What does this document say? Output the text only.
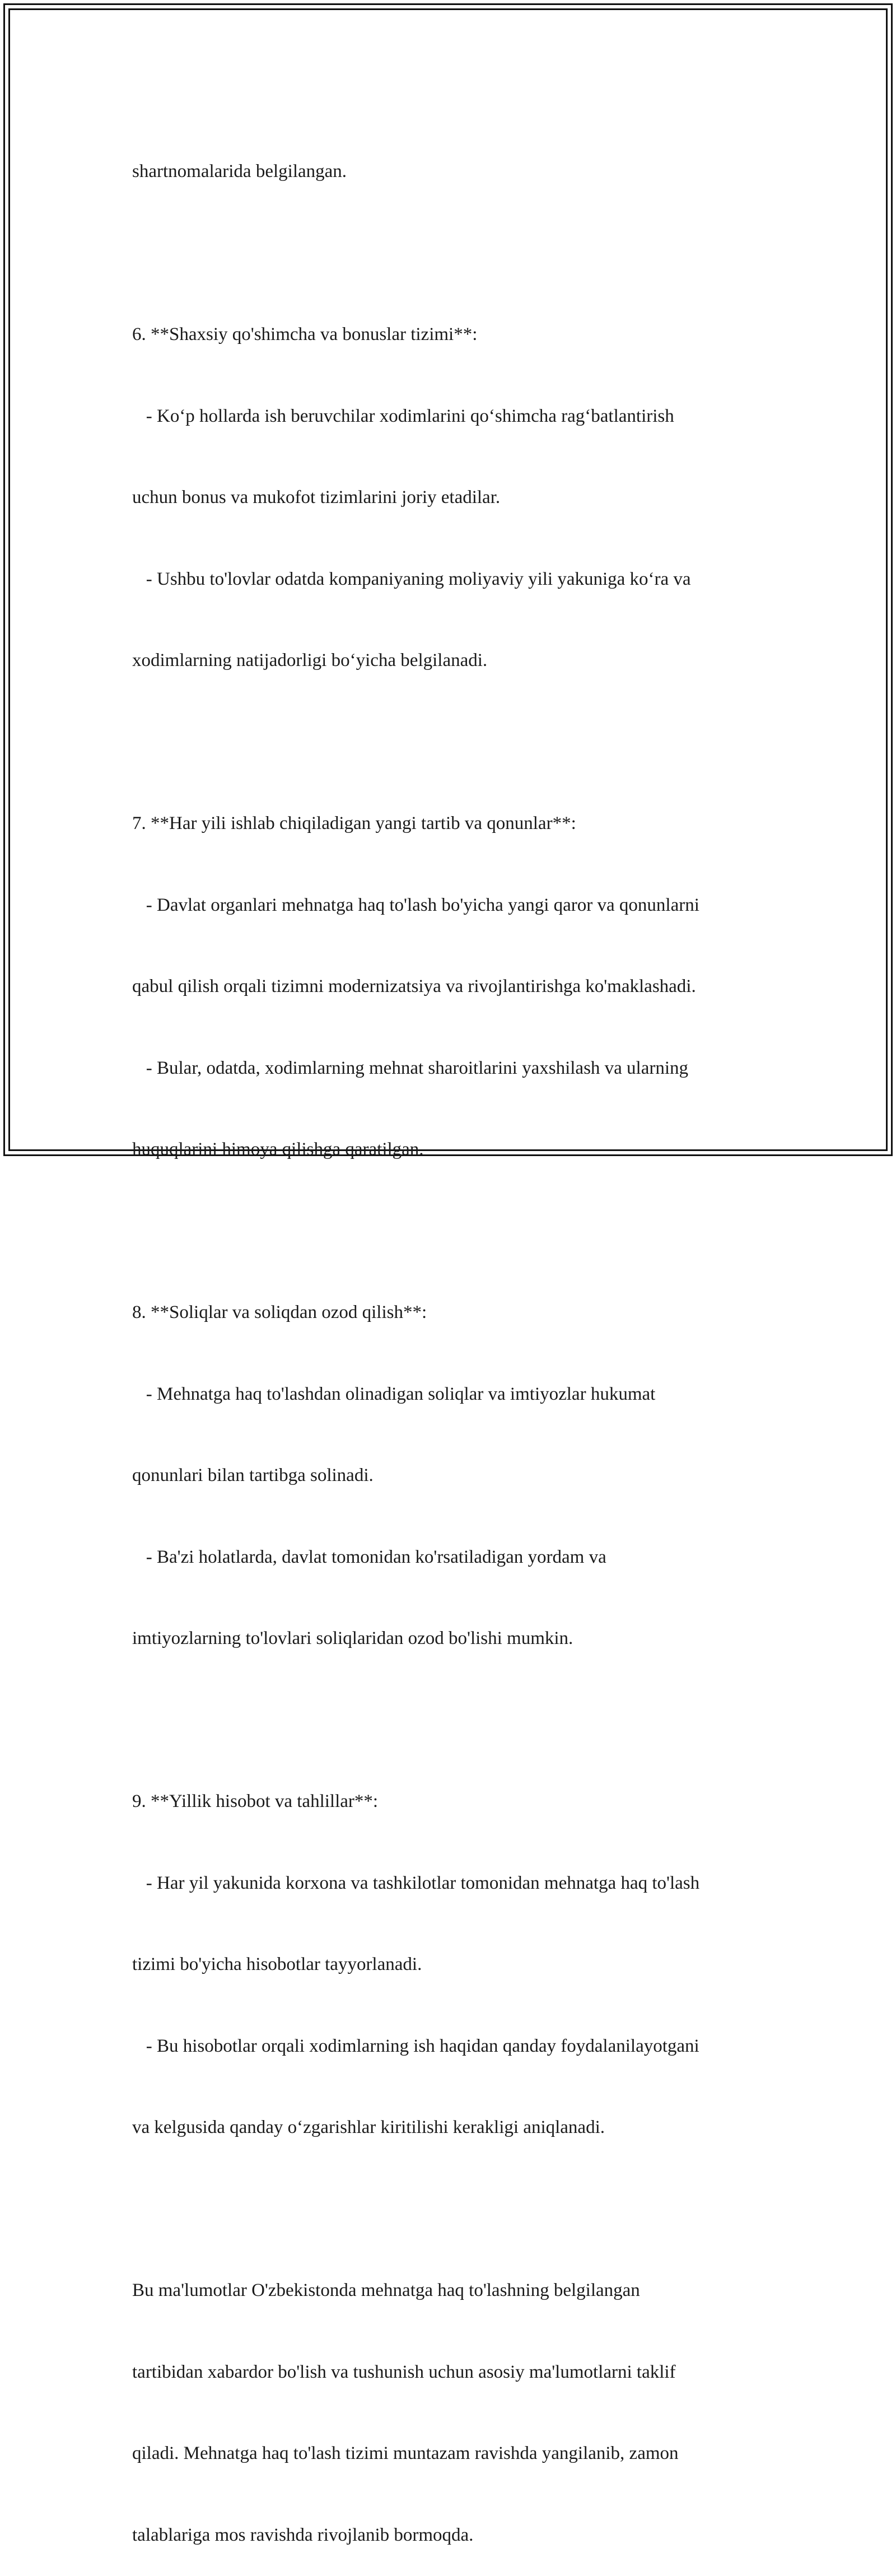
shartnomalarida belgilangan.

6. **Shaxsiy qo'shimcha va bonuslar tizimi**:

- Ko‘p hollarda ish beruvchilar xodimlarini qo‘shimcha rag‘batlantirish

uchun bonus va mukofot tizimlarini joriy etadilar.

- Ushbu to'lovlar odatda kompaniyaning moliyaviy yili yakuniga ko‘ra va

xodimlarning natijadorligi bo‘yicha belgilanadi.

7. **Har yili ishlab chiqiladigan yangi tartib va qonunlar**:

- Davlat organlari mehnatga haq to'lash bo'yicha yangi qaror va qonunlarni

qabul qilish orqali tizimni modernizatsiya va rivojlantirishga ko'maklashadi.

- Bular, odatda, xodimlarning mehnat sharoitlarini yaxshilash va ularning

huquqlarini himoya qilishga qaratilgan.

8. **Soliqlar va soliqdan ozod qilish**:

- Mehnatga haq to'lashdan olinadigan soliqlar va imtiyozlar hukumat

qonunlari bilan tartibga solinadi.

- Ba'zi holatlarda, davlat tomonidan ko'rsatiladigan yordam va

imtiyozlarning to'lovlari soliqlaridan ozod bo'lishi mumkin.

9. **Yillik hisobot va tahlillar**:

- Har yil yakunida korxona va tashkilotlar tomonidan mehnatga haq to'lash

tizimi bo'yicha hisobotlar tayyorlanadi.

- Bu hisobotlar orqali xodimlarning ish haqidan qanday foydalanilayotgani

va kelgusida qanday o‘zgarishlar kiritilishi kerakligi aniqlanadi.

Bu ma'lumotlar O'zbekistonda mehnatga haq to'lashning belgilangan

tartibidan xabardor bo'lish va tushunish uchun asosiy ma'lumotlarni taklif

qiladi. Mehnatga haq to'lash tizimi muntazam ravishda yangilanib, zamon

talablariga mos ravishda rivojlanib bormoqda.
